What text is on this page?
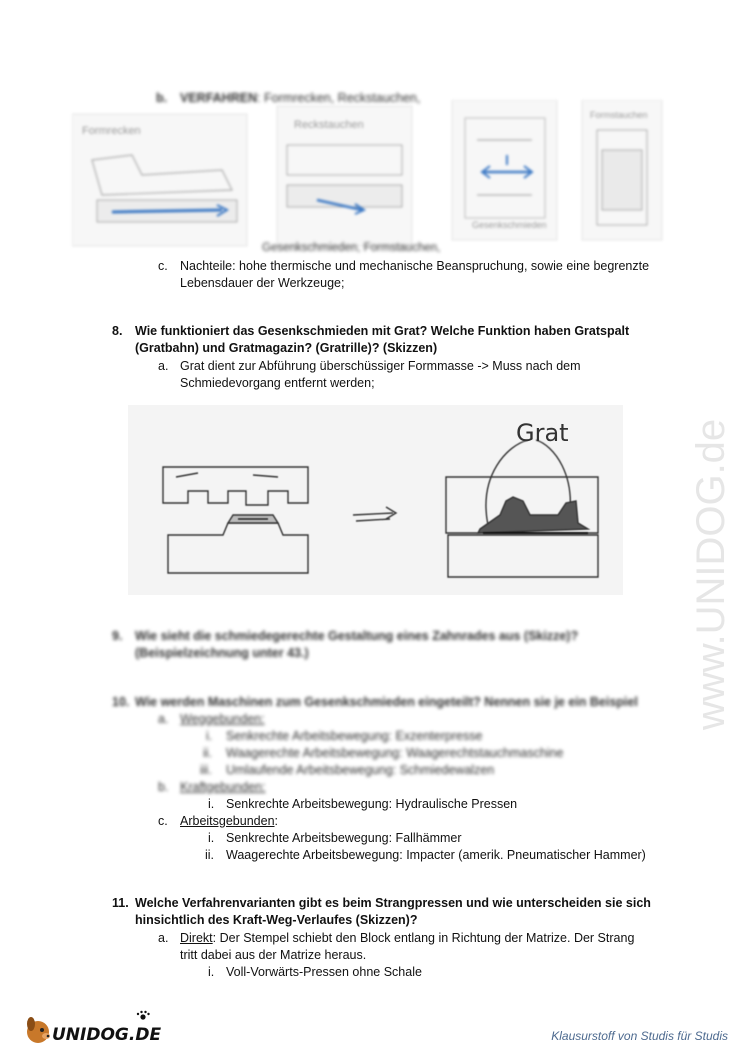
b. VERFAHREN: Formrecken, Reckstauchen,
Formrecken	Reckstauchen
Gesenkschmieden
Formstauchen
Gesenkschmieden, Formstauchen,
c. Nachteile: hohe thermische und mechanische Beanspruchung, sowie eine begrenzte
Lebensdauer der Werkzeuge;
8. Wie funktioniert das Gesenkschmieden mit Grat? Welche Funktion haben Gratspalt
(Gratbahn) und Gratmagazin? (Gratrille)? (Skizzen)
a. Grat dient zur Abführung überschüssiger Formmasse -> Muss nach dem
Schmiedevorgang entfernt werden;
Grat
9. Wie sieht die schmiedegerechte Gestaltung eines Zahnrades aus (Skizze)?
(Beispielzeichnung unter 43.)
10. Wie werden Maschinen zum Gesenkschmieden eingeteilt? Nennen sie je ein Beispiel
a. Weggebunden:
i. Senkrechte Arbeitsbewegung: Exzenterpresse
ii. Waagerechte Arbeitsbewegung: Waagerechtstauchmaschine
iii. Umlaufende Arbeitsbewegung: Schmiedewalzen
b. Kraftgebunden:
i. Senkrechte Arbeitsbewegung: Hydraulische Pressen
c. Arbeitsgebunden:
i. Senkrechte Arbeitsbewegung: Fallhämmer
ii. Waagerechte Arbeitsbewegung: Impacter (amerik. Pneumatischer Hammer)
11. Welche Verfahrenvarianten gibt es beim Strangpressen und wie unterscheiden sie sich
hinsichtlich des Kraft-Weg-Verlaufes (Skizzen)?
a. Direkt: Der Stempel schiebt den Block entlang in Richtung der Matrize. Der Strang
tritt dabei aus der Matrize heraus.
i. Voll-Vorwärts-Pressen ohne Schale
www.UNIDOG.de
UNIDOG.DE	Klausurstoff von Studis für Studis
